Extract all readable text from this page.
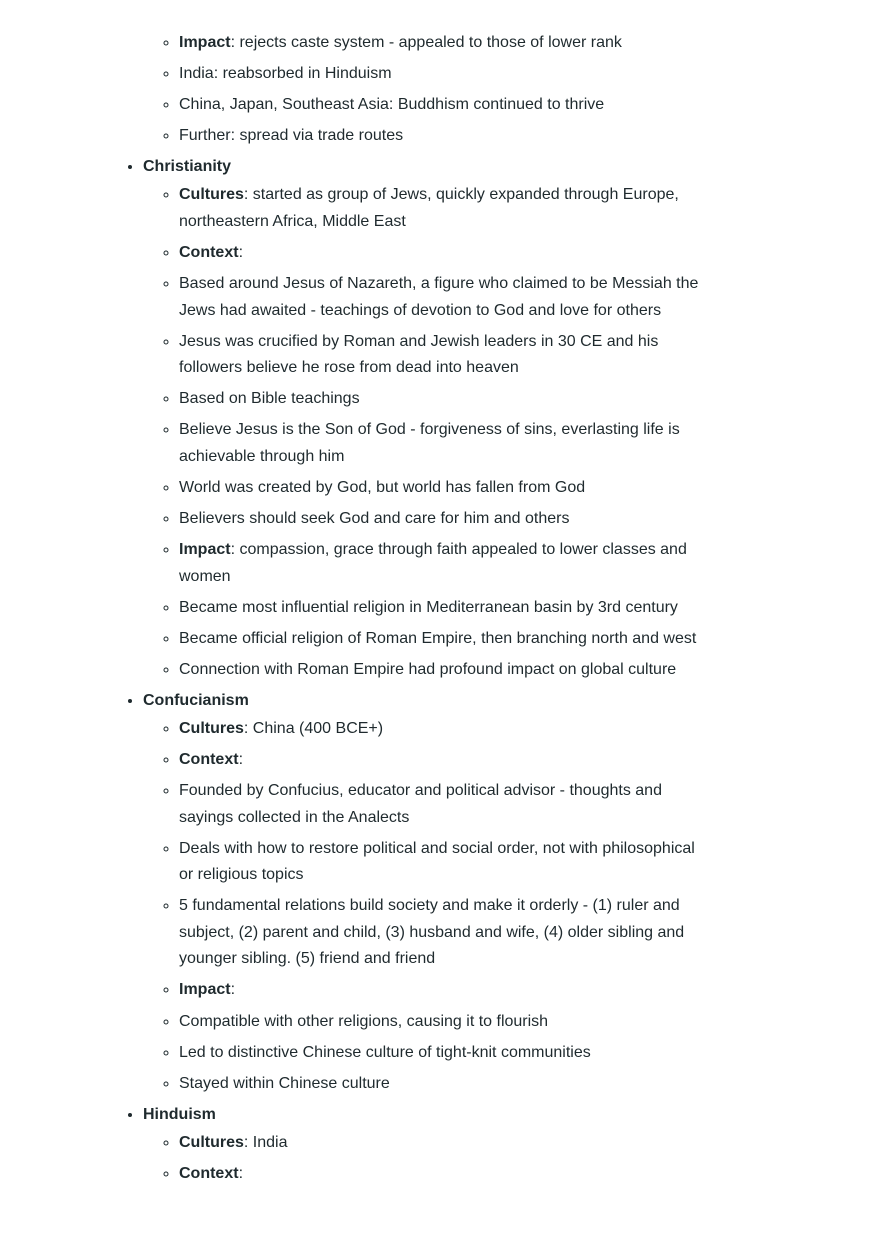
◦ Impact: rejects caste system - appealed to those of lower rank
◦ India: reabsorbed in Hinduism
◦ China, Japan, Southeast Asia: Buddhism continued to thrive
◦ Further: spread via trade routes
• Christianity
◦ Cultures: started as group of Jews, quickly expanded through Europe, northeastern Africa, Middle East
◦ Context:
◦ Based around Jesus of Nazareth, a figure who claimed to be Messiah the Jews had awaited - teachings of devotion to God and love for others
◦ Jesus was crucified by Roman and Jewish leaders in 30 CE and his followers believe he rose from dead into heaven
◦ Based on Bible teachings
◦ Believe Jesus is the Son of God - forgiveness of sins, everlasting life is achievable through him
◦ World was created by God, but world has fallen from God
◦ Believers should seek God and care for him and others
◦ Impact: compassion, grace through faith appealed to lower classes and women
◦ Became most influential religion in Mediterranean basin by 3rd century
◦ Became official religion of Roman Empire, then branching north and west
◦ Connection with Roman Empire had profound impact on global culture
• Confucianism
◦ Cultures: China (400 BCE+)
◦ Context:
◦ Founded by Confucius, educator and political advisor - thoughts and sayings collected in the Analects
◦ Deals with how to restore political and social order, not with philosophical or religious topics
◦ 5 fundamental relations build society and make it orderly - (1) ruler and subject, (2) parent and child, (3) husband and wife, (4) older sibling and younger sibling. (5) friend and friend
◦ Impact:
◦ Compatible with other religions, causing it to flourish
◦ Led to distinctive Chinese culture of tight-knit communities
◦ Stayed within Chinese culture
• Hinduism
◦ Cultures: India
◦ Context:
